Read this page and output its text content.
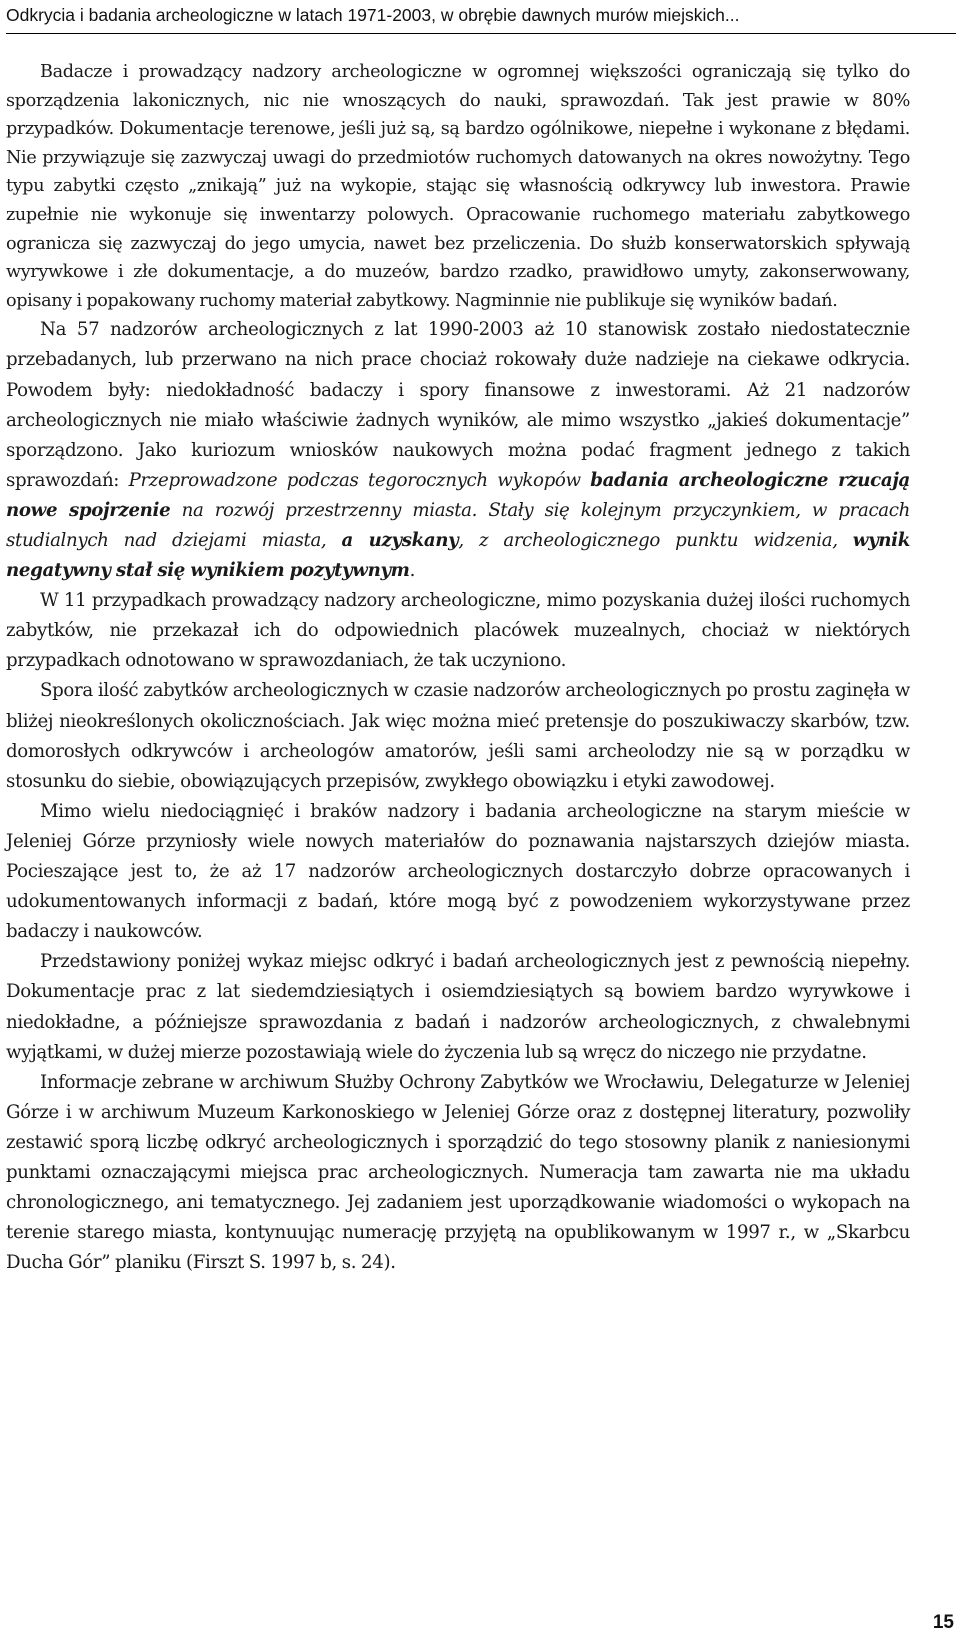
Odkrycia i badania archeologiczne w latach 1971-2003, w obrębie dawnych murów miejskich...

Badacze i prowadzący nadzory archeologiczne w ogromnej większości ograniczają się tylko do sporządzenia lakonicznych, nic nie wnoszących do nauki, sprawozdań. Tak jest prawie w 80% przypadków. Dokumentacje terenowe, jeśli już są, są bardzo ogólnikowe, niepełne i wykonane z błędami. Nie przywiązuje się zazwyczaj uwagi do przedmiotów ruchomych datowanych na okres nowożytny. Tego typu zabytki często „znikają” już na wykopie, stając się własnością odkrywcy lub inwestora. Prawie zupełnie nie wykonuje się inwentarzy polowych. Opracowanie ruchomego materiału zabytkowego ogranicza się zazwyczaj do jego umycia, nawet bez przeliczenia. Do służb konserwatorskich spływają wyrywkowe i złe dokumentacje, a do muzeów, bardzo rzadko, prawidłowo umyty, zakonserwowany, opisany i popakowany ruchomy materiał zabytkowy. Nagminnie nie publikuje się wyników badań.

Na 57 nadzorów archeologicznych z lat 1990-2003 aż 10 stanowisk zostało niedostatecznie przebadanych, lub przerwano na nich prace chociaż rokowały duże nadzieje na ciekawe odkrycia. Powodem były: niedokładność badaczy i spory finansowe z inwestorami. Aż 21 nadzorów archeologicznych nie miało właściwie żadnych wyników, ale mimo wszystko „jakieś dokumentacje” sporządzono. Jako kuriozum wniosków naukowych można podać fragment jednego z takich sprawozdań: Przeprowadzone podczas tegorocznych wykopów badania archeologiczne rzucają nowe spojrzenie na rozwój przestrzenny miasta. Stały się kolejnym przyczynkiem, w pracach studialnych nad dziejami miasta, a uzyskany, z archeologicznego punktu widzenia, wynik negatywny stał się wynikiem pozytywnym.

W 11 przypadkach prowadzący nadzory archeologiczne, mimo pozyskania dużej ilości ruchomych zabytków, nie przekazał ich do odpowiednich placówek muzealnych, chociaż w niektórych przypadkach odnotowano w sprawozdaniach, że tak uczyniono.

Spora ilość zabytków archeologicznych w czasie nadzorów archeologicznych po prostu zaginęła w bliżej nieokreślonych okolicznościach. Jak więc można mieć pretensje do poszukiwaczy skarbów, tzw. domorosłych odkrywców i archeologów amatorów, jeśli sami archeolodzy nie są w porządku w stosunku do siebie, obowiązujących przepisów, zwykłego obowiązku i etyki zawodowej.

Mimo wielu niedociągnięć i braków nadzory i badania archeologiczne na starym mieście w Jeleniej Górze przyniosły wiele nowych materiałów do poznawania najstarszych dziejów miasta. Pocieszające jest to, że aż 17 nadzorów archeologicznych dostarczyło dobrze opracowanych i udokumentowanych informacji z badań, które mogą być z powodzeniem wykorzystywane przez badaczy i naukowców.

Przedstawiony poniżej wykaz miejsc odkryć i badań archeologicznych jest z pewnością niepełny. Dokumentacje prac z lat siedemdziesiątych i osiemdziesiątych są bowiem bardzo wyrywkowe i niedokładne, a późniejsze sprawozdania z badań i nadzorów archeologicznych, z chwalebnymi wyjątkami, w dużej mierze pozostawiają wiele do życzenia lub są wręcz do niczego nie przydatne.

Informacje zebrane w archiwum Służby Ochrony Zabytków we Wrocławiu, Delegaturze w Jeleniej Górze i w archiwum Muzeum Karkonoskiego w Jeleniej Górze oraz z dostępnej literatury, pozwoliły zestawić sporą liczbę odkryć archeologicznych i sporządzić do tego stosowny planik z naniesionymi punktami oznaczającymi miejsca prac archeologicznych. Numeracja tam zawarta nie ma układu chronologicznego, ani tematycznego. Jej zadaniem jest uporządkowanie wiadomości o wykopach na terenie starego miasta, kontynuując numerację przyjętą na opublikowanym w 1997 r., w „Skarbcu Ducha Gór” planiku (Firszt S. 1997 b, s. 24).

15
